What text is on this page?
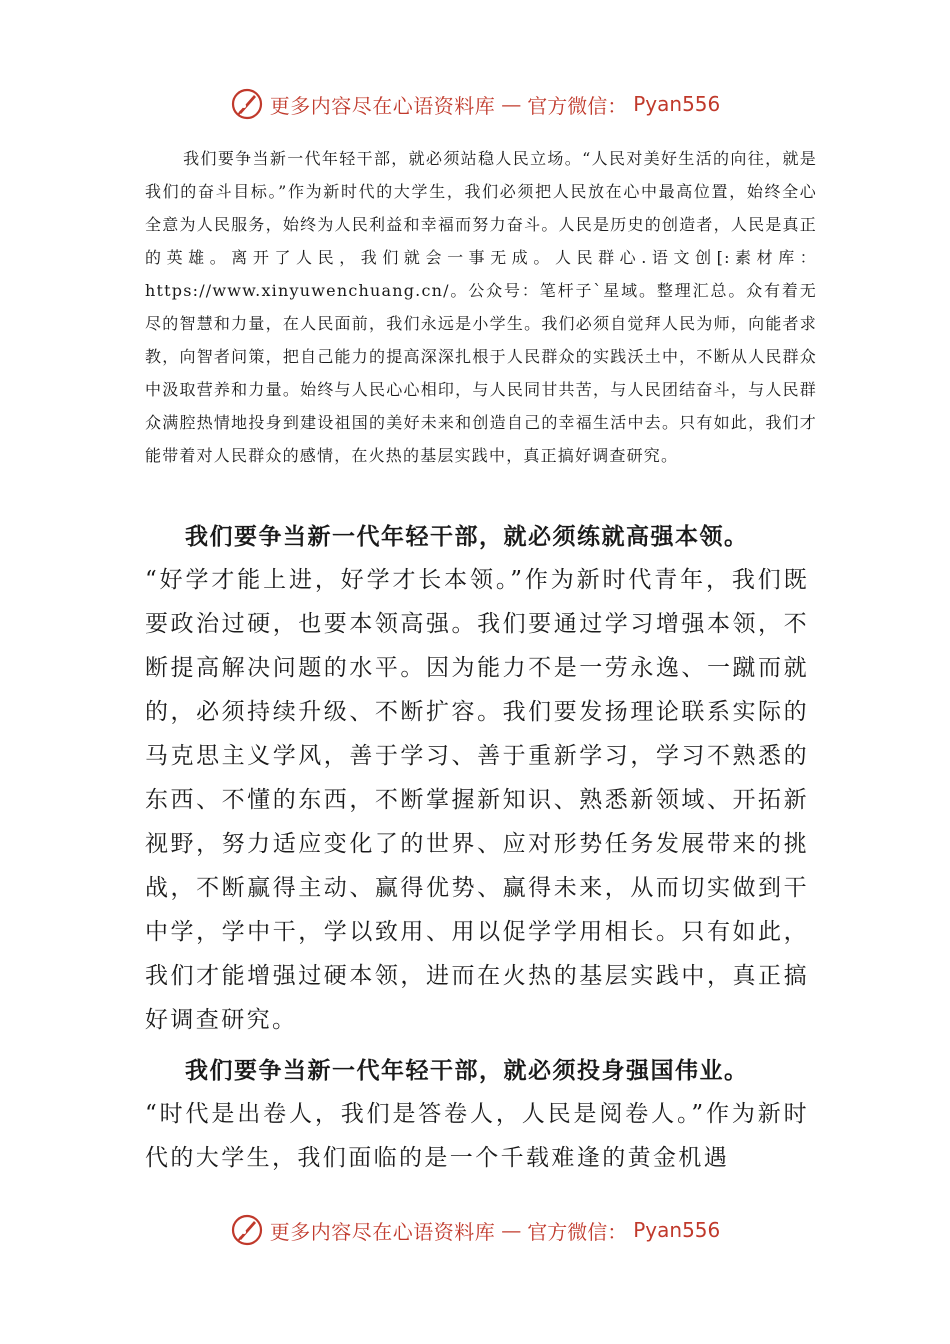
更多内容尽在心语资料库 — 官方微信： Pyan556

我们要争当新一代年轻干部，就必须站稳人民立场。“人民对美好生活的向往，就是我们的奋斗目标。”作为新时代的大学生，我们必须把人民放在心中最高位置，始终全心全意为人民服务，始终为人民利益和幸福而努力奋斗。人民是历史的创造者，人民是真正的英雄。离开了人民，我们就会一事无成。人民群心.语文创[:素材库：https://www.xinyuwenchuang.cn/。公众号：笔杆子`星域。整理汇总。众有着无尽的智慧和力量，在人民面前，我们永远是小学生。我们必须自觉拜人民为师，向能者求教，向智者问策，把自己能力的提高深深扎根于人民群众的实践沃土中，不断从人民群众中汲取营养和力量。始终与人民心心相印，与人民同甘共苦，与人民团结奋斗，与人民群众满腔热情地投身到建设祖国的美好未来和创造自己的幸福生活中去。只有如此，我们才能带着对人民群众的感情，在火热的基层实践中，真正搞好调查研究。

我们要争当新一代年轻干部，就必须练就高强本领。

“好学才能上进，好学才长本领。”作为新时代青年，我们既要政治过硬，也要本领高强。我们要通过学习增强本领，不断提高解决问题的水平。因为能力不是一劳永逸、一蹴而就的，必须持续升级、不断扩容。我们要发扬理论联系实际的马克思主义学风，善于学习、善于重新学习，学习不熟悉的东西、不懂的东西，不断掌握新知识、熟悉新领域、开拓新视野，努力适应变化了的世界、应对形势任务发展带来的挑战，不断赢得主动、赢得优势、赢得未来，从而切实做到干中学，学中干，学以致用、用以促学学用相长。只有如此，我们才能增强过硬本领，进而在火热的基层实践中，真正搞好调查研究。

我们要争当新一代年轻干部，就必须投身强国伟业。

“时代是出卷人，我们是答卷人，人民是阅卷人。”作为新时代的大学生，我们面临的是一个千载难逢的黄金机遇

更多内容尽在心语资料库 — 官方微信： Pyan556
